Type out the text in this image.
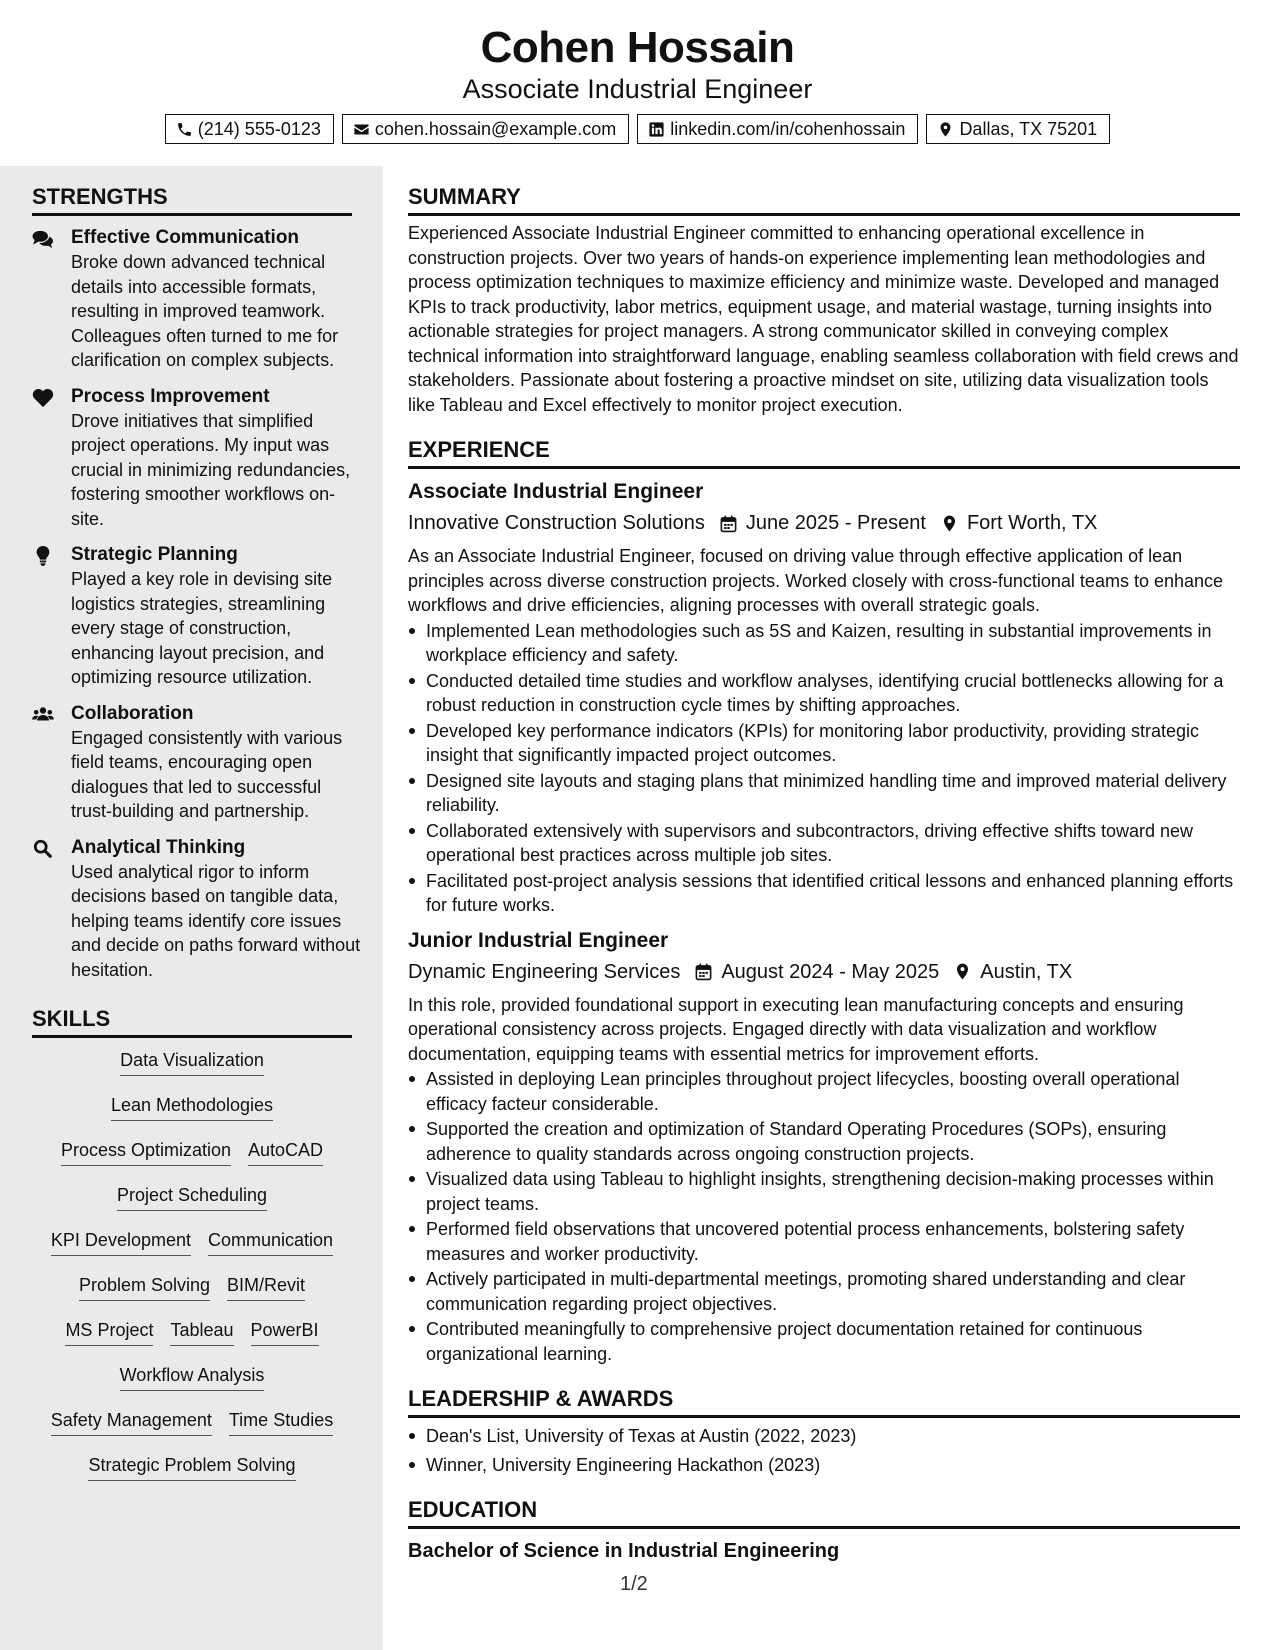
Cohen Hossain
Associate Industrial Engineer
(214) 555-0123	cohen.hossain@example.com	linkedin.com/in/cohenhossain	Dallas, TX 75201
STRENGTHS
Effective Communication
Broke down advanced technical details into accessible formats, resulting in improved teamwork. Colleagues often turned to me for clarification on complex subjects.
Process Improvement
Drove initiatives that simplified project operations. My input was crucial in minimizing redundancies, fostering smoother workflows on-site.
Strategic Planning
Played a key role in devising site logistics strategies, streamlining every stage of construction, enhancing layout precision, and optimizing resource utilization.
Collaboration
Engaged consistently with various field teams, encouraging open dialogues that led to successful trust-building and partnership.
Analytical Thinking
Used analytical rigor to inform decisions based on tangible data, helping teams identify core issues and decide on paths forward without hesitation.
SKILLS
Data Visualization
Lean Methodologies
Process Optimization AutoCAD
Project Scheduling
KPI Development Communication
Problem Solving BIM/Revit
MS Project Tableau PowerBI
Workflow Analysis
Safety Management Time Studies
Strategic Problem Solving
SUMMARY
Experienced Associate Industrial Engineer committed to enhancing operational excellence in construction projects. Over two years of hands-on experience implementing lean methodologies and process optimization techniques to maximize efficiency and minimize waste. Developed and managed KPIs to track productivity, labor metrics, equipment usage, and material wastage, turning insights into actionable strategies for project managers. A strong communicator skilled in conveying complex technical information into straightforward language, enabling seamless collaboration with field crews and stakeholders. Passionate about fostering a proactive mindset on site, utilizing data visualization tools like Tableau and Excel effectively to monitor project execution.
EXPERIENCE
Associate Industrial Engineer
Innovative Construction Solutions June 2025 - Present Fort Worth, TX
As an Associate Industrial Engineer, focused on driving value through effective application of lean principles across diverse construction projects. Worked closely with cross-functional teams to enhance workflows and drive efficiencies, aligning processes with overall strategic goals.
Implemented Lean methodologies such as 5S and Kaizen, resulting in substantial improvements in workplace efficiency and safety.
Conducted detailed time studies and workflow analyses, identifying crucial bottlenecks allowing for a robust reduction in construction cycle times by shifting approaches.
Developed key performance indicators (KPIs) for monitoring labor productivity, providing strategic insight that significantly impacted project outcomes.
Designed site layouts and staging plans that minimized handling time and improved material delivery reliability.
Collaborated extensively with supervisors and subcontractors, driving effective shifts toward new operational best practices across multiple job sites.
Facilitated post-project analysis sessions that identified critical lessons and enhanced planning efforts for future works.
Junior Industrial Engineer
Dynamic Engineering Services August 2024 - May 2025 Austin, TX
In this role, provided foundational support in executing lean manufacturing concepts and ensuring operational consistency across projects. Engaged directly with data visualization and workflow documentation, equipping teams with essential metrics for improvement efforts.
Assisted in deploying Lean principles throughout project lifecycles, boosting overall operational efficacy facteur considerable.
Supported the creation and optimization of Standard Operating Procedures (SOPs), ensuring adherence to quality standards across ongoing construction projects.
Visualized data using Tableau to highlight insights, strengthening decision-making processes within project teams.
Performed field observations that uncovered potential process enhancements, bolstering safety measures and worker productivity.
Actively participated in multi-departmental meetings, promoting shared understanding and clear communication regarding project objectives.
Contributed meaningfully to comprehensive project documentation retained for continuous organizational learning.
LEADERSHIP & AWARDS
Dean's List, University of Texas at Austin (2022, 2023)
Winner, University Engineering Hackathon (2023)
EDUCATION
Bachelor of Science in Industrial Engineering
1/2
